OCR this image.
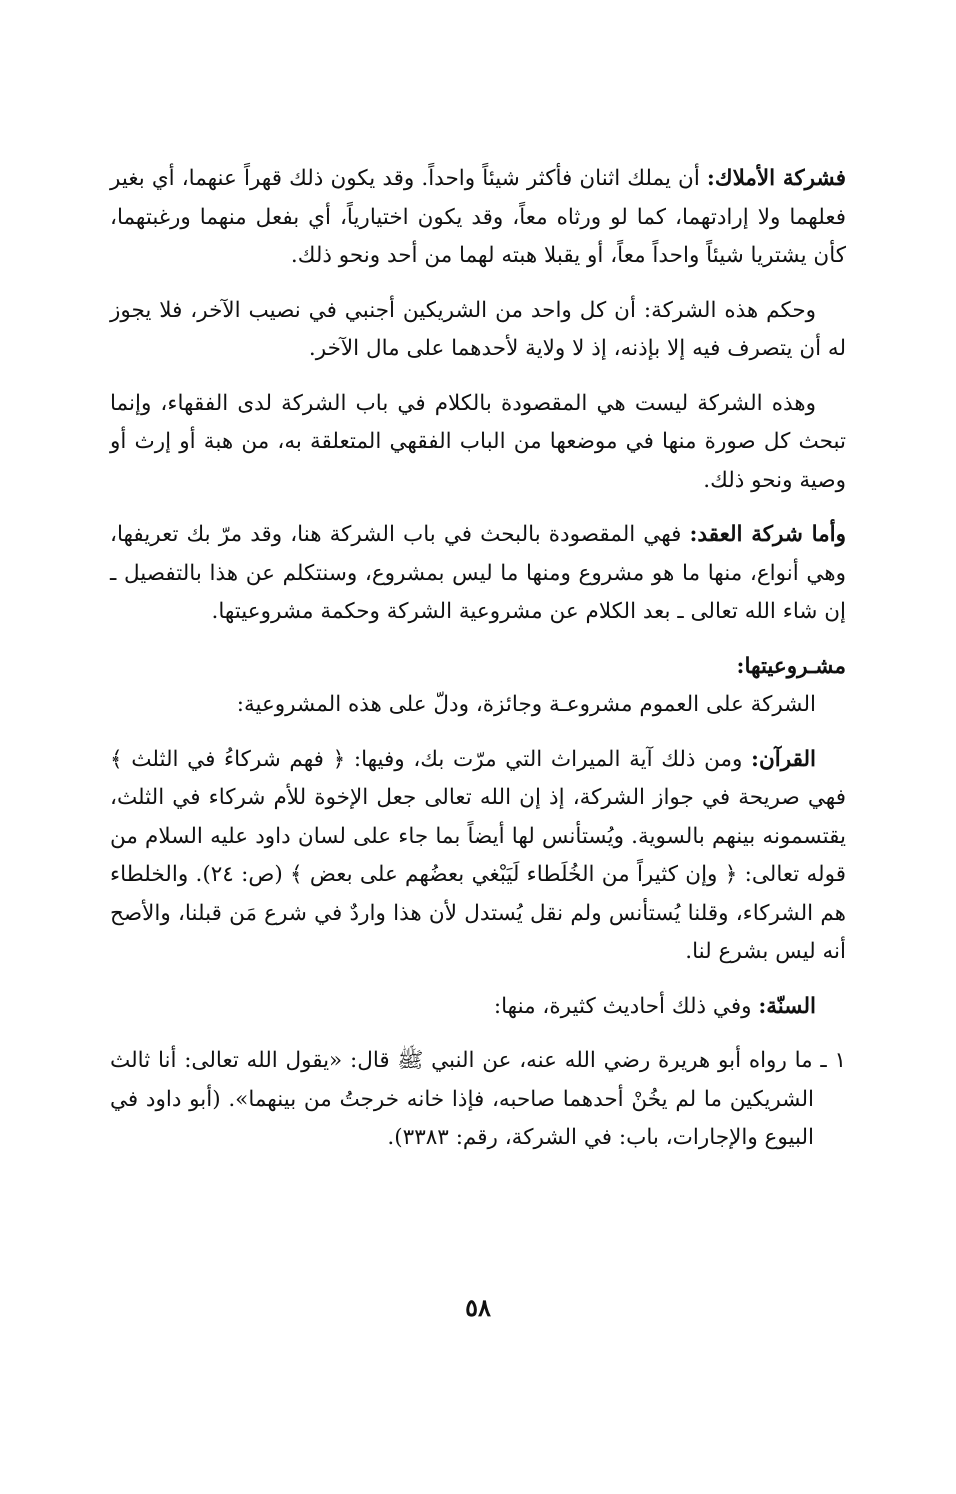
فشركة الأملاك: أن يملك اثنان فأكثر شيئاً واحداً. وقد يكون ذلك قهراً عنهما، أي بغير فعلهما ولا إرادتهما، كما لو ورثاه معاً، وقد يكون اختيارياً، أي بفعل منهما ورغبتهما، كأن يشتريا شيئاً واحداً معاً، أو يقبلا هبته لهما من أحد ونحو ذلك.

وحكم هذه الشركة: أن كل واحد من الشريكين أجنبي في نصيب الآخر، فلا يجوز له أن يتصرف فيه إلا بإذنه، إذ لا ولاية لأحدهما على مال الآخر.

وهذه الشركة ليست هي المقصودة بالكلام في باب الشركة لدى الفقهاء، وإنما تبحث كل صورة منها في موضعها من الباب الفقهي المتعلقة به، من هبة أو إرث أو وصية ونحو ذلك.

وأما شركة العقد: فهي المقصودة بالبحث في باب الشركة هنا، وقد مرّ بك تعريفها، وهي أنواع، منها ما هو مشروع ومنها ما ليس بمشروع، وسنتكلم عن هذا بالتفصيل ـ إن شاء الله تعالى ـ بعد الكلام عن مشروعية الشركة وحكمة مشروعيتها.

مشـروعيتها:

الشركة على العموم مشروعـة وجائزة، ودلّ على هذه المشروعية:

القرآن: ومن ذلك آية الميراث التي مرّت بك، وفيها: ﴿ فهم شركاءُ في الثلث ﴾ فهي صريحة في جواز الشركة، إذ إن الله تعالى جعل الإخوة للأم شركاء في الثلث، يقتسمونه بينهم بالسوية. ويُستأنس لها أيضاً بما جاء على لسان داود عليه السلام من قوله تعالى: ﴿ وإن كثيراً من الخُلَطاء لَيَبْغي بعضُهم على بعض ﴾ (ص: ٢٤). والخلطاء هم الشركاء، وقلنا يُستأنس ولم نقل يُستدل لأن هذا واردٌ في شرع مَن قبلنا، والأصح أنه ليس بشرع لنا.

السنّة: وفي ذلك أحاديث كثيرة، منها:

١ ـ ما رواه أبو هريرة رضي الله عنه، عن النبي ﷺ قال: «يقول الله تعالى: أنا ثالث الشريكين ما لم يخُنْ أحدهما صاحبه، فإذا خانه خرجتُ من بينهما». (أبو داود في البيوع والإجارات، باب: في الشركة، رقم: ٣٣٨٣).

٥٨
